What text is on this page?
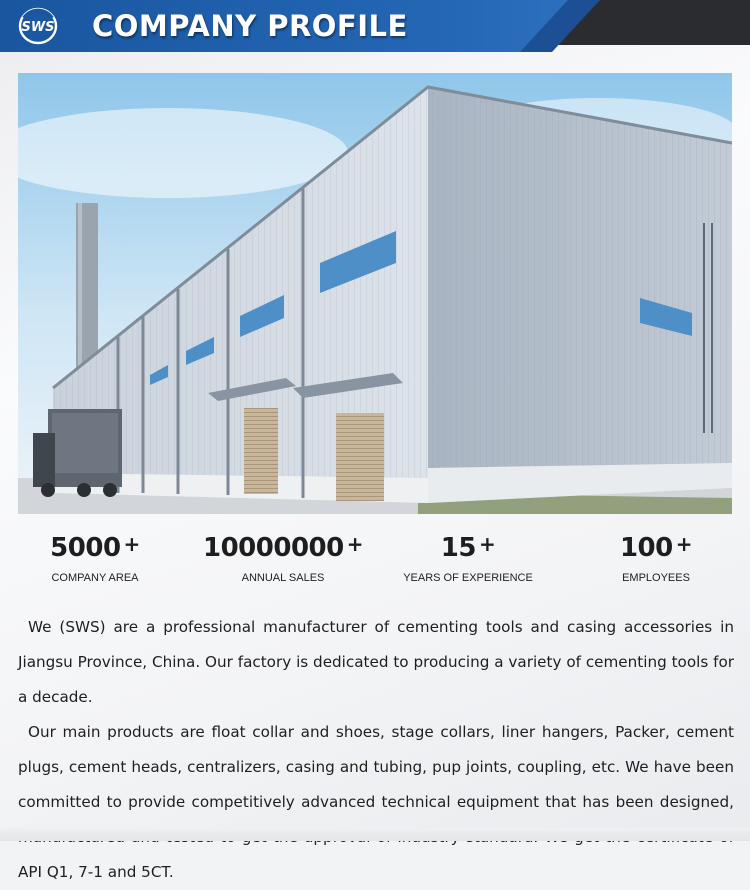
SWS COMPANY PROFILE
5000 +
COMPANY AREA
10000000 +
ANNUAL SALES
15 +
YEARS OF EXPERIENCE
100 +
EMPLOYEES

We (SWS) are a professional manufacturer of cementing tools and casing accessories in Jiangsu Province, China. Our factory is dedicated to producing a variety of cementing tools for a decade.

Our main products are float collar and shoes, stage collars, liner hangers, Packer, cement plugs, cement heads, centralizers, casing and tubing, pup joints, coupling, etc. We have been committed to provide competitively advanced technical equipment that has been designed, API Q1, 7-1 and 5CT.
